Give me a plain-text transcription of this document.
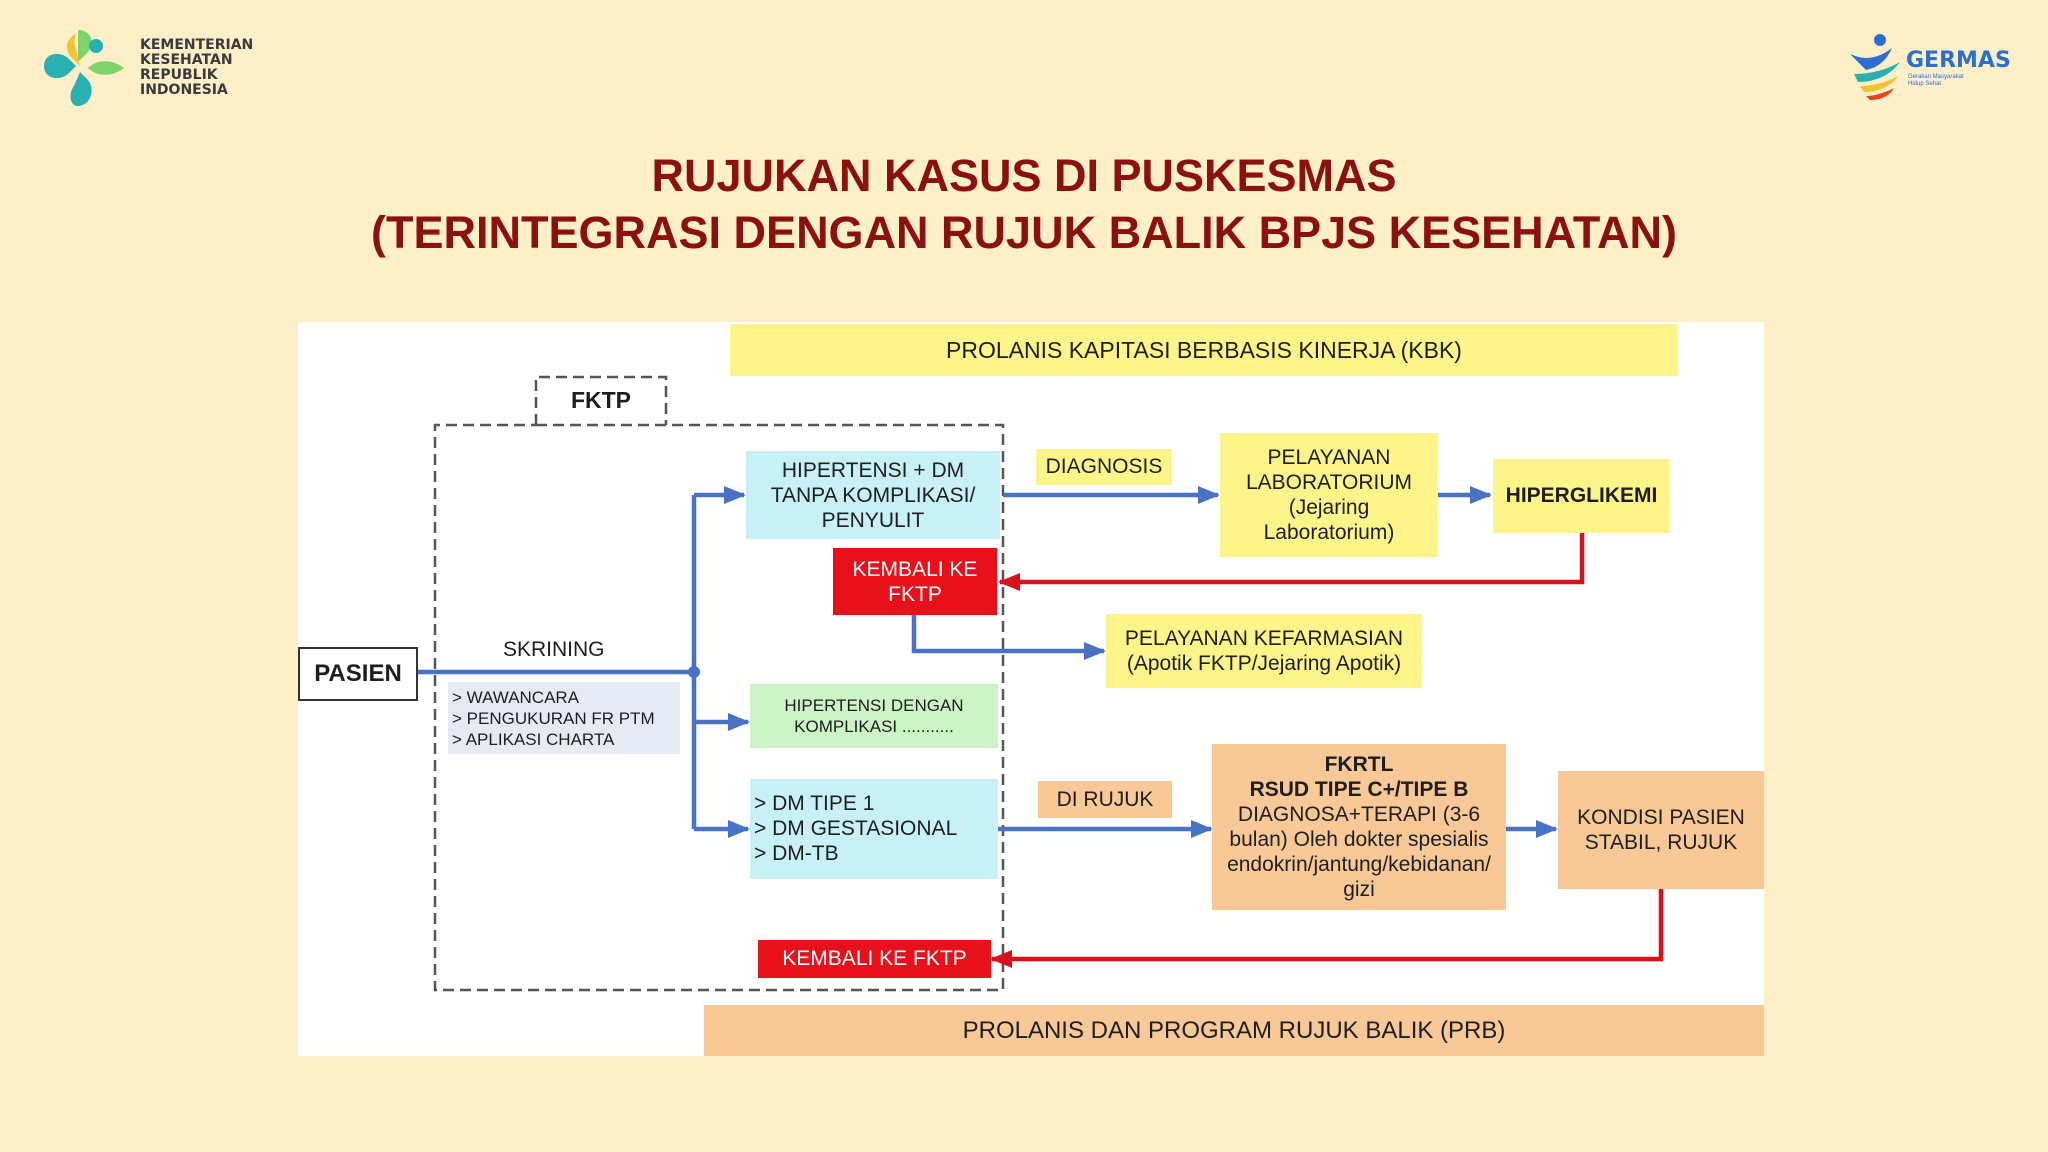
KEMENTERIAN
KESEHATAN
REPUBLIK
INDONESIA
GERMAS
Gerakan Masyarakat
Hidup Sehat
RUJUKAN KASUS DI PUSKESMAS
(TERINTEGRASI DENGAN RUJUK BALIK BPJS KESEHATAN)
PROLANIS KAPITASI BERBASIS KINERJA (KBK)
FKTP
PASIEN
SKRINING
> WAWANCARA
> PENGUKURAN FR PTM
> APLIKASI CHARTA
HIPERTENSI + DM
TANPA KOMPLIKASI/
PENYULIT
DIAGNOSIS	PELAYANAN
LABORATORIUM
(Jejaring
Laboratorium)
HIPERGLIKEMI
KEMBALI KE
FKTP
PELAYANAN KEFARMASIAN
(Apotik FKTP/Jejaring Apotik)
HIPERTENSI DENGAN
KOMPLIKASI ...........
> DM TIPE 1
> DM GESTASIONAL
> DM-TB
DI RUJUK
FKRTL
RSUD TIPE C+/TIPE B
DIAGNOSA+TERAPI (3-6
bulan) Oleh dokter spesialis
endokrin/jantung/kebidanan/
gizi
KONDISI PASIEN
STABIL, RUJUK
KEMBALI KE FKTP
PROLANIS DAN PROGRAM RUJUK BALIK (PRB)
